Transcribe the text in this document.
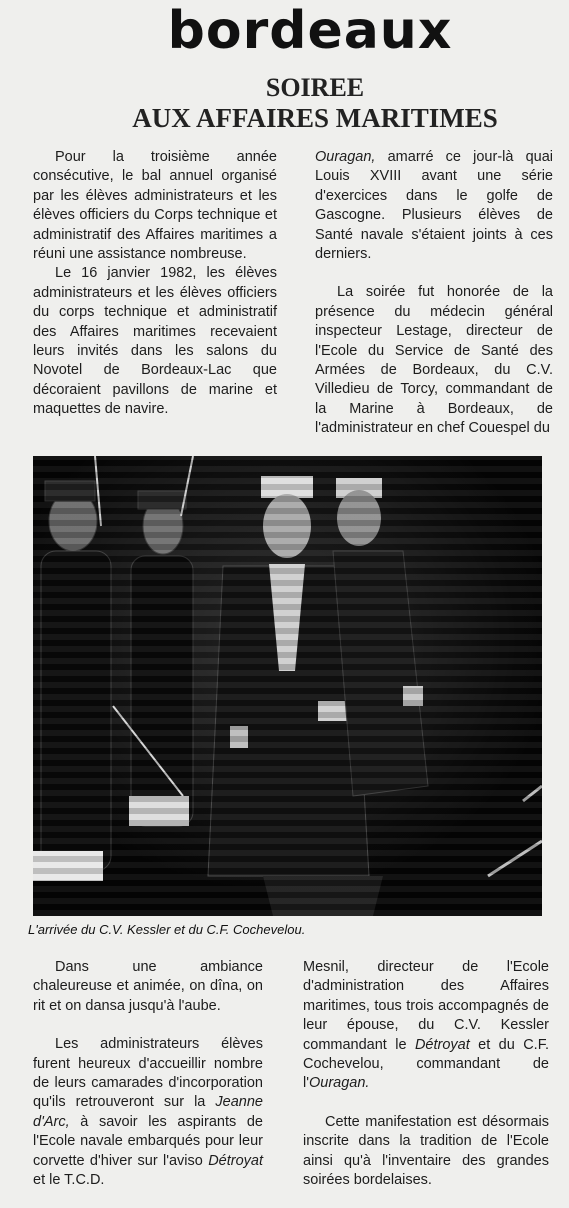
bordeaux
SOIREE
AUX AFFAIRES MARITIMES

Pour la troisième année consécutive, le bal annuel organisé par les élèves administrateurs et les élèves officiers du Corps technique et administratif des Affaires maritimes a réuni une assistance nombreuse.

Le 16 janvier 1982, les élèves administrateurs et les élèves officiers du corps technique et administratif des Affaires maritimes recevaient leurs invités dans les salons du Novotel de Bordeaux-Lac que décoraient pavillons de marine et maquettes de navire.

Ouragan, amarré ce jour-là quai Louis XVIII avant une série d'exercices dans le golfe de Gascogne. Plusieurs élèves de Santé navale s'étaient joints à ces derniers.

La soirée fut honorée de la présence du médecin général inspecteur Lestage, directeur de l'Ecole du Service de Santé des Armées de Bordeaux, du C.V. Villedieu de Torcy, commandant de la Marine à Bordeaux, de l'administrateur en chef Couespel du

L'arrivée du C.V. Kessler et du C.F. Cochevelou.

Dans une ambiance chaleureuse et animée, on dîna, on rit et on dansa jusqu'à l'aube.

Les administrateurs élèves furent heureux d'accueillir nombre de leurs camarades d'incorporation qu'ils retrouveront sur la Jeanne d'Arc, à savoir les aspirants de l'Ecole navale embarqués pour leur corvette d'hiver sur l'aviso Détroyat et le T.C.D.

Mesnil, directeur de l'Ecole d'administration des Affaires maritimes, tous trois accompagnés de leur épouse, du C.V. Kessler commandant le Détroyat et du C.F. Cochevelou, commandant de l'Ouragan.

Cette manifestation est désormais inscrite dans la tradition de l'Ecole ainsi qu'à l'inventaire des grandes soirées bordelaises.
